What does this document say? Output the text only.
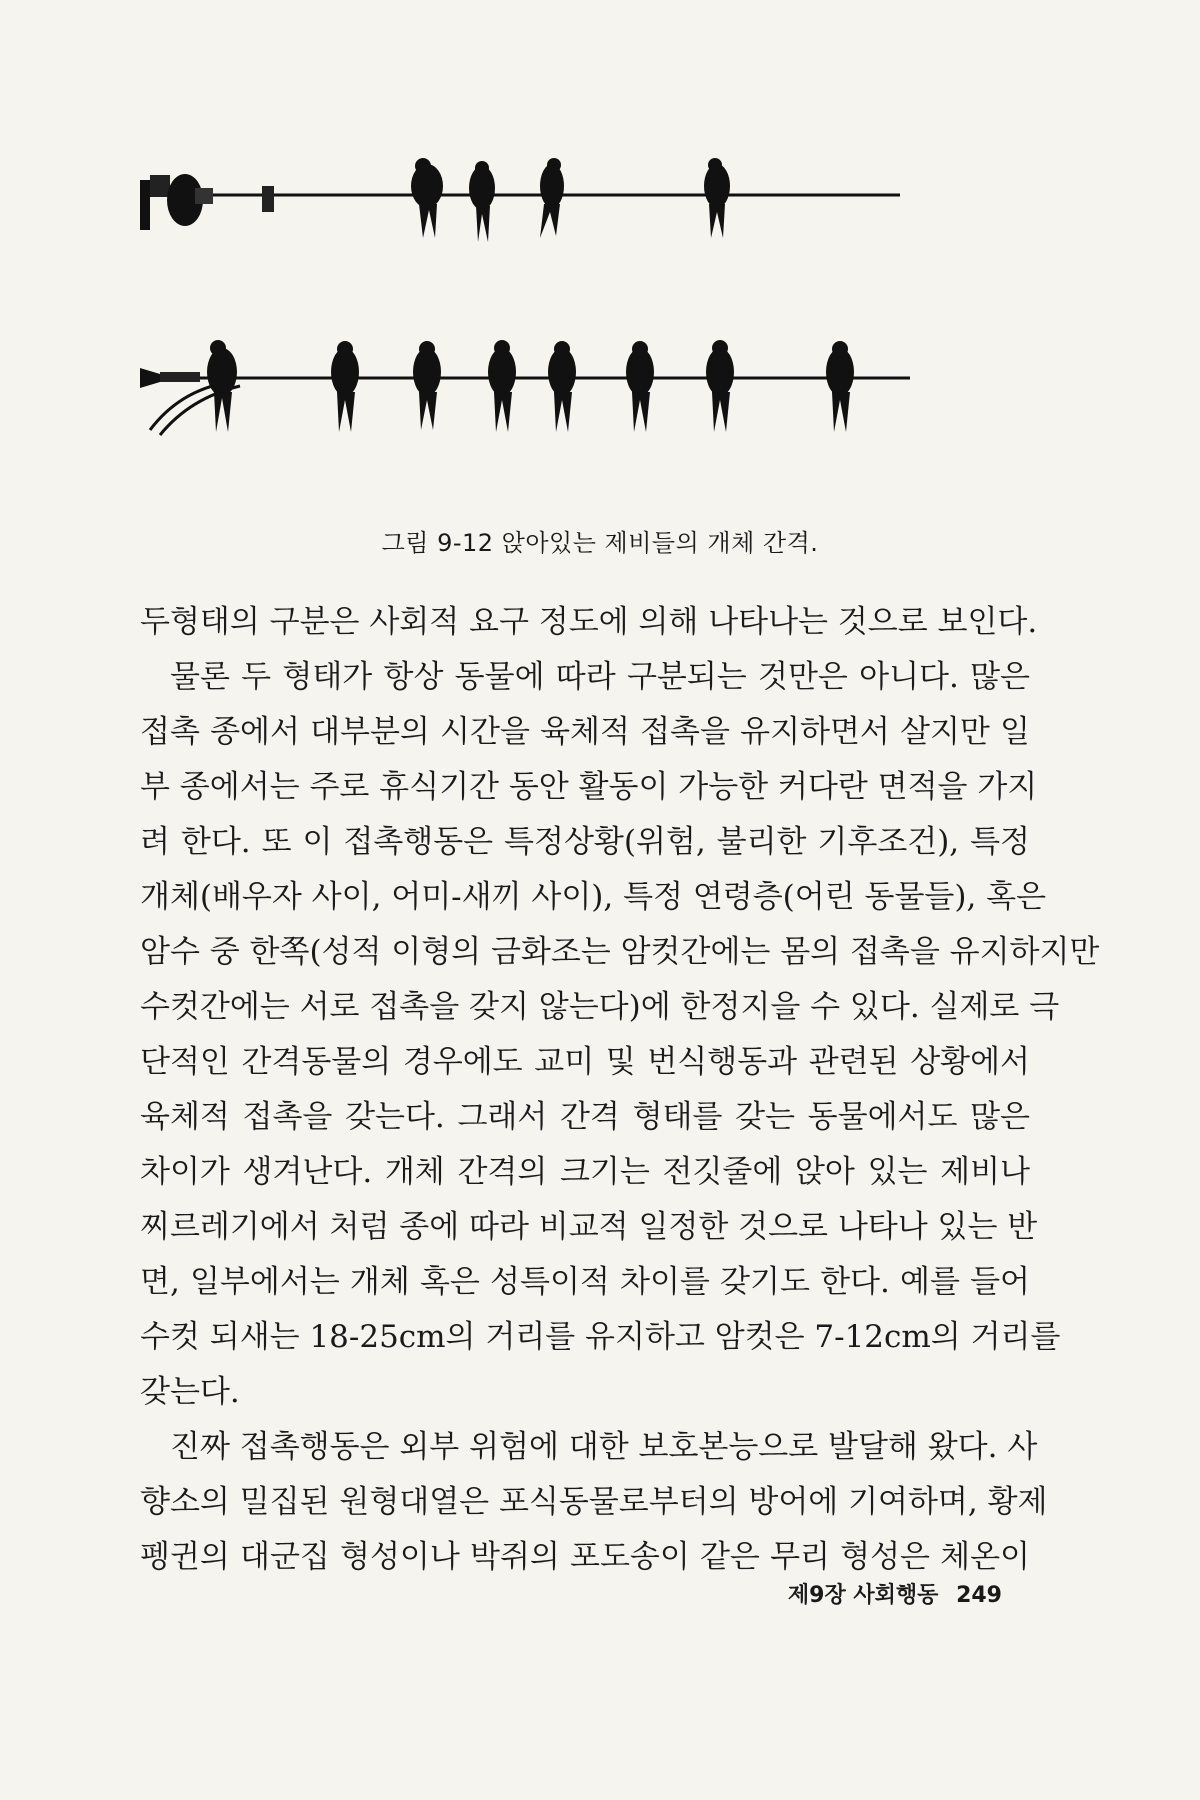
그림 9-12 앉아있는 제비들의 개체 간격.
두형태의 구분은 사회적 요구 정도에 의해 나타나는 것으로 보인다.
물론 두 형태가 항상 동물에 따라 구분되는 것만은 아니다. 많은
접촉 종에서 대부분의 시간을 육체적 접촉을 유지하면서 살지만 일
부 종에서는 주로 휴식기간 동안 활동이 가능한 커다란 면적을 가지
려 한다. 또 이 접촉행동은 특정상황(위험, 불리한 기후조건), 특정
개체(배우자 사이, 어미-새끼 사이), 특정 연령층(어린 동물들), 혹은
암수 중 한쪽(성적 이형의 금화조는 암컷간에는 몸의 접촉을 유지하지만
수컷간에는 서로 접촉을 갖지 않는다)에 한정지을 수 있다. 실제로 극
단적인 간격동물의 경우에도 교미 및 번식행동과 관련된 상황에서
육체적 접촉을 갖는다. 그래서 간격 형태를 갖는 동물에서도 많은
차이가 생겨난다. 개체 간격의 크기는 전깃줄에 앉아 있는 제비나
찌르레기에서 처럼 종에 따라 비교적 일정한 것으로 나타나 있는 반
면, 일부에서는 개체 혹은 성특이적 차이를 갖기도 한다. 예를 들어
수컷 되새는 18-25cm의 거리를 유지하고 암컷은 7-12cm의 거리를
갖는다.
진짜 접촉행동은 외부 위험에 대한 보호본능으로 발달해 왔다. 사
향소의 밀집된 원형대열은 포식동물로부터의 방어에 기여하며, 황제
펭귄의 대군집 형성이나 박쥐의 포도송이 같은 무리 형성은 체온이
제9장 사회행동 249
